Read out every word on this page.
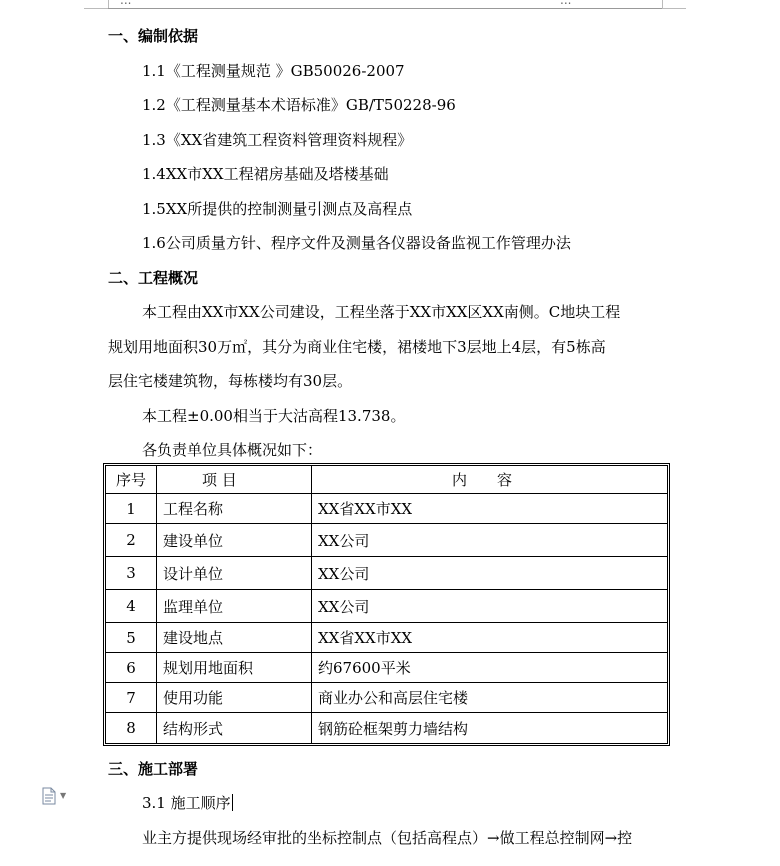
...	...
一、编制依据
1.1《工程测量规范 》GB50026-2007
1.2《工程测量基本术语标准》GB/T50228-96
1.3《XX省建筑工程资料管理资料规程》
1.4XX市XX工程裙房基础及塔楼基础
1.5XX所提供的控制测量引测点及高程点
1.6公司质量方针、程序文件及测量各仪器设备监视工作管理办法
二、工程概况
本工程由XX市XX公司建设，工程坐落于XX市XX区XX南侧。C地块工程
规划用地面积30万㎡，其分为商业住宅楼，裙楼地下3层地上4层，有5栋高
层住宅楼建筑物，每栋楼均有30层。
本工程±0.00相当于大沽高程13.738。
各负责单位具体概况如下：
序号	项 目	内　　容
1	工程名称	XX省XX市XX
2	建设单位	XX公司
3	设计单位	XX公司
4	监理单位	XX公司
5	建设地点	XX省XX市XX
6	规划用地面积	约67600平米
7	使用功能	商业办公和高层住宅楼
8	结构形式	钢筋砼框架剪力墙结构
三、施工部署
3.1 施工顺序
业主方提供现场经审批的坐标控制点（包括高程点）→做工程总控制网→控
▼
